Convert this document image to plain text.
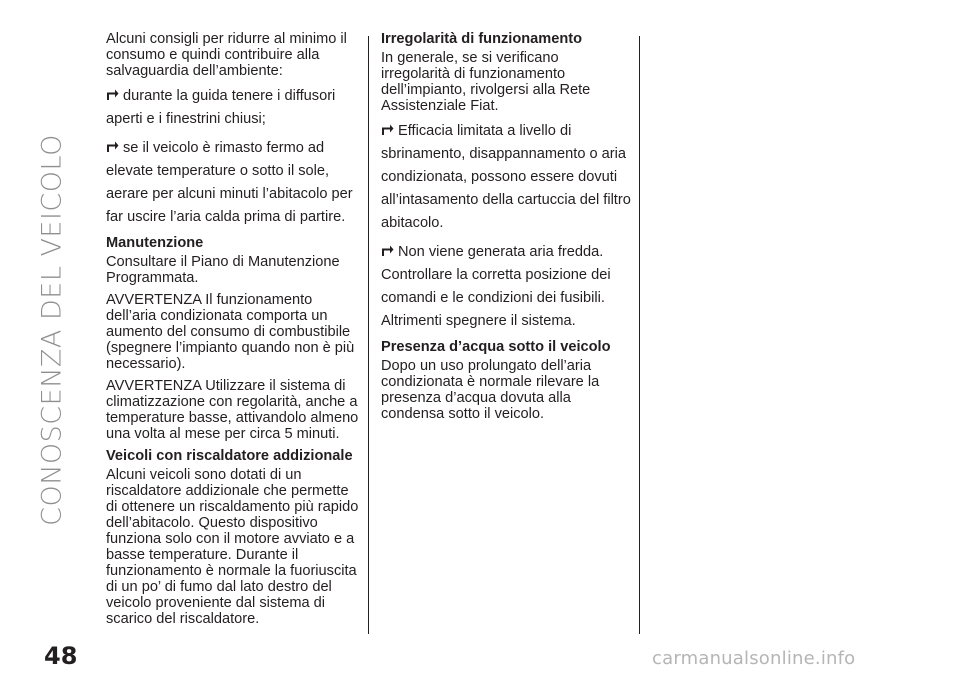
CONOSCENZA DEL VEICOLO
48

Alcuni consigli per ridurre al minimo il consumo e quindi contribuire alla salvaguardia dell’ambiente:

durante la guida tenere i diffusori aperti e i finestrini chiusi;

se il veicolo è rimasto fermo ad elevate temperature o sotto il sole, aerare per alcuni minuti l’abitacolo per far uscire l’aria calda prima di partire.

Manutenzione

Consultare il Piano di Manutenzione Programmata.

AVVERTENZA Il funzionamento dell’aria condizionata comporta un aumento del consumo di combustibile (spegnere l’impianto quando non è più necessario).

AVVERTENZA Utilizzare il sistema di climatizzazione con regolarità, anche a temperature basse, attivandolo almeno una volta al mese per circa 5 minuti.

Veicoli con riscaldatore addizionale

Alcuni veicoli sono dotati di un riscaldatore addizionale che permette di ottenere un riscaldamento più rapido dell’abitacolo. Questo dispositivo funziona solo con il motore avviato e a basse temperature. Durante il funzionamento è normale la fuoriuscita di un po’ di fumo dal lato destro del veicolo proveniente dal sistema di scarico del riscaldatore.

Irregolarità di funzionamento

In generale, se si verificano irregolarità di funzionamento dell’impianto, rivolgersi alla Rete Assistenziale Fiat.

Efficacia limitata a livello di sbrinamento, disappannamento o aria condizionata, possono essere dovuti all’intasamento della cartuccia del filtro abitacolo.

Non viene generata aria fredda. Controllare la corretta posizione dei comandi e le condizioni dei fusibili. Altrimenti spegnere il sistema.

Presenza d’acqua sotto il veicolo

Dopo un uso prolungato dell’aria condizionata è normale rilevare la presenza d’acqua dovuta alla condensa sotto il veicolo.

carmanualsonline.info
